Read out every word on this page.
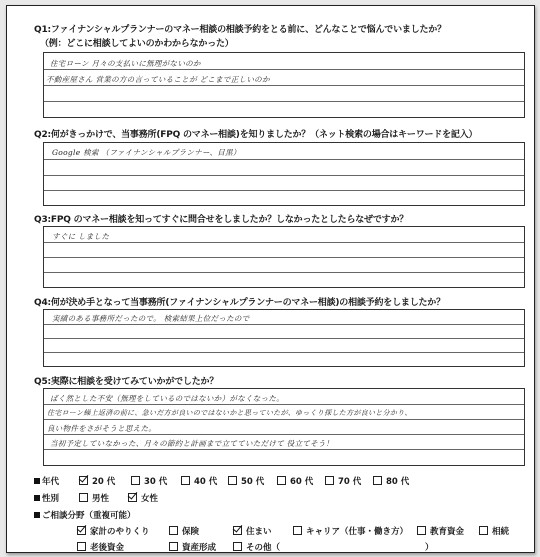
Q1:ファイナンシャルプランナーのマネー相談の相談予約をとる前に、どんなことで悩んでいましたか？
（例：どこに相談してよいのかわからなかった）
住宅ローン 月々の支払いに無理がないのか
不動産屋さん 営業の方の言っていることが どこまで正しいのか
Q2:何がきっかけで、当事務所(FPQ のマネー相談)を知りましたか？（ネット検索の場合はキーワードを記入）
Google 検索 （ファイナンシャルプランナー、目黒）
Q3:FPQ のマネー相談を知ってすぐに問合せをしましたか？しなかったとしたらなぜですか？
すぐに しました
Q4:何が決め手となって当事務所(ファイナンシャルプランナーのマネー相談)の相談予約をしましたか？
実績のある事務所だったので。 検索結果上位だったので
Q5:実際に相談を受けてみていかがでしたか？
ばく然とした不安（無理をしているのではないか）がなくなった。
住宅ローン繰上返済の前に、急いだ方が良いのではないかと思っていたが、ゆっくり探した方が良いと分かり、
良い物件をさがそうと思えた。
当初予定していなかった、月々の節約と計画まで立てていただけて 役立てそう！
年代	20 代	30 代	40 代	50 代	60 代	70 代	80 代
性別	男性	女性
ご相談分野（重複可能）
家計のやりくり	保険	住まい	キャリア（仕事・働き方）	教育資金	相続
老後資金	資産形成	その他（	）
